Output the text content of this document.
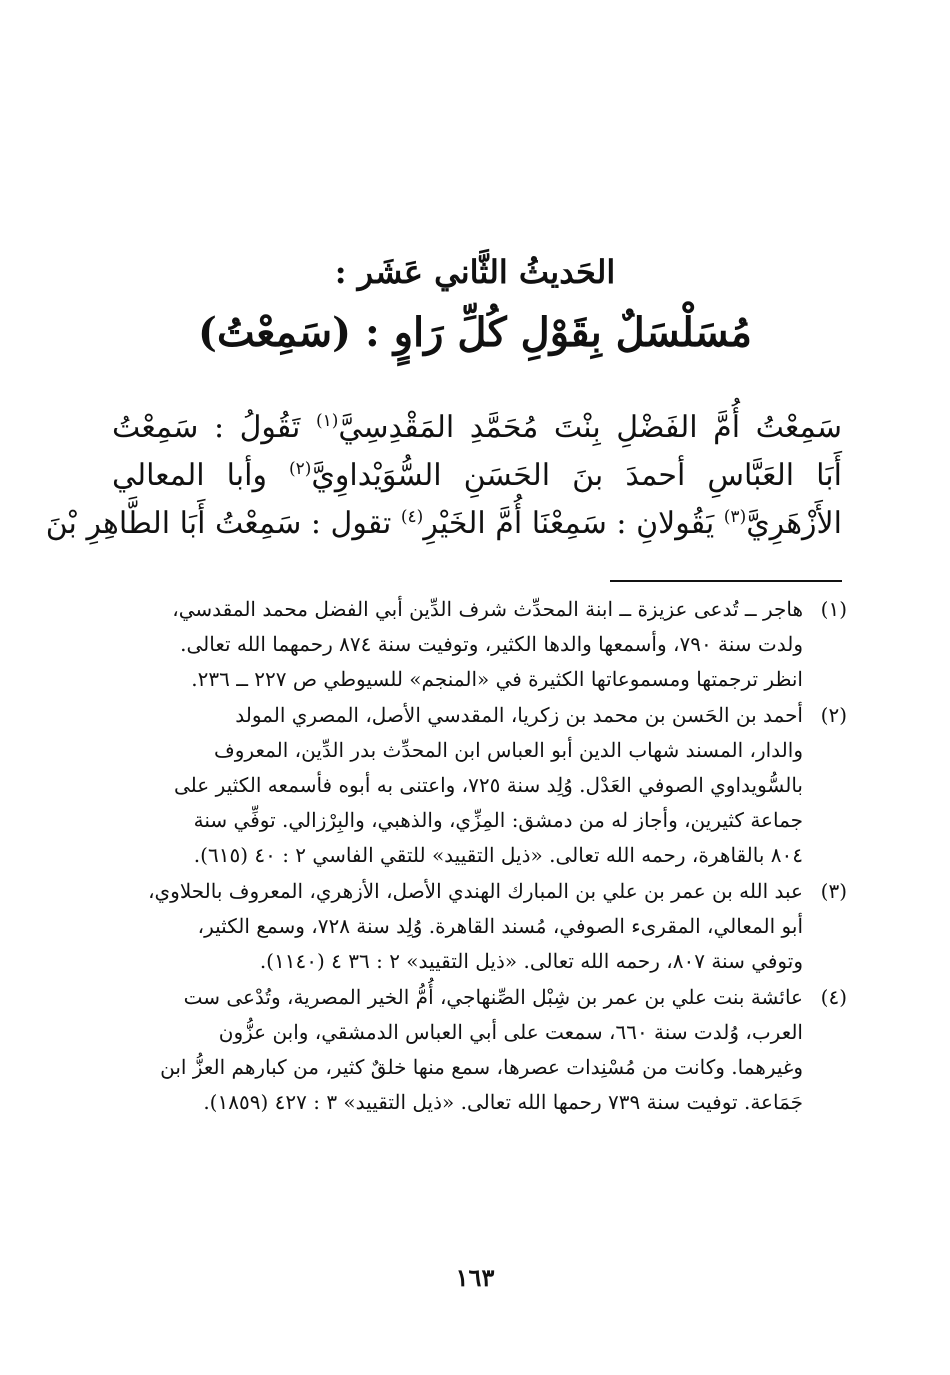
الحَديثُ الثَّاني عَشَر :
مُسَلْسَلٌ بِقَوْلِ كُلِّ رَاوٍ : (سَمِعْتُ)
سَمِعْتُ أُمَّ الفَضْلِ بِنْتَ مُحَمَّدِ المَقْدِسِيَّ$^{(١)}$ تَقُولُ : سَمِعْتُ
أَبَا العَبَّاسِ أحمدَ بنَ الحَسَنِ السُّوَيْداوِيَّ$^{(٢)}$ وأبا المعالي
الأَزْهَرِيَّ$^{(٣)}$ يَقُولانِ : سَمِعْنَا أُمَّ الخَيْرِ$^{(٤)}$ تقول : سَمِعْتُ أَبَا الطَّاهِرِ بْنَ
(١)
هاجر ــ تُدعى عزيزة ــ ابنة المحدِّث شرف الدِّين أبي الفضل محمد المقدسي،
ولدت سنة ٧٩٠، وأسمعها والدها الكثير، وتوفيت سنة ٨٧٤ رحمهما الله تعالى.
انظر ترجمتها ومسموعاتها الكثيرة في «المنجم» للسيوطي ص ٢٢٧ ــ ٢٣٦.
(٢)
أحمد بن الحَسن بن محمد بن زكريا، المقدسي الأصل، المصري المولد
والدار، المسند شهاب الدين أبو العباس ابن المحدِّث بدر الدِّين، المعروف
بالسُّويداوي الصوفي العَدْل. وُلِد سنة ٧٢٥، واعتنى به أبوه فأسمعه الكثير على
جماعة كثيرين، وأجاز له من دمشق: المِزِّي، والذهبي، والبِرْزالي. توفِّي سنة
٨٠٤ بالقاهرة، رحمه الله تعالى. «ذيل التقييد» للتقي الفاسي ٢ : ٤٠ (٦١٥).
(٣)
عبد الله بن عمر بن علي بن المبارك الهندي الأصل، الأزهري، المعروف بالحلاوي،
أبو المعالي، المقرىء الصوفي، مُسند القاهرة. وُلِد سنة ٧٢٨، وسمع الكثير،
وتوفي سنة ٨٠٧، رحمه الله تعالى. «ذيل التقييد» ٢ : ٣٦ ٤ (١١٤٠).
(٤)
عائشة بنت علي بن عمر بن شِبْل الصِّنهاجي، أُمُّ الخير المصرية، وتُدْعى ست
العرب، وُلدت سنة ٦٦٠، سمعت على أبي العباس الدمشقي، وابن عزُّون
وغيرهما. وكانت من مُسْنِدات عصرها، سمع منها خلقٌ كثير، من كبارهم العزُّ ابن
جَمَاعة. توفيت سنة ٧٣٩ رحمها الله تعالى. «ذيل التقييد» ٣ : ٤٢٧ (١٨٥٩).
١٦٣
